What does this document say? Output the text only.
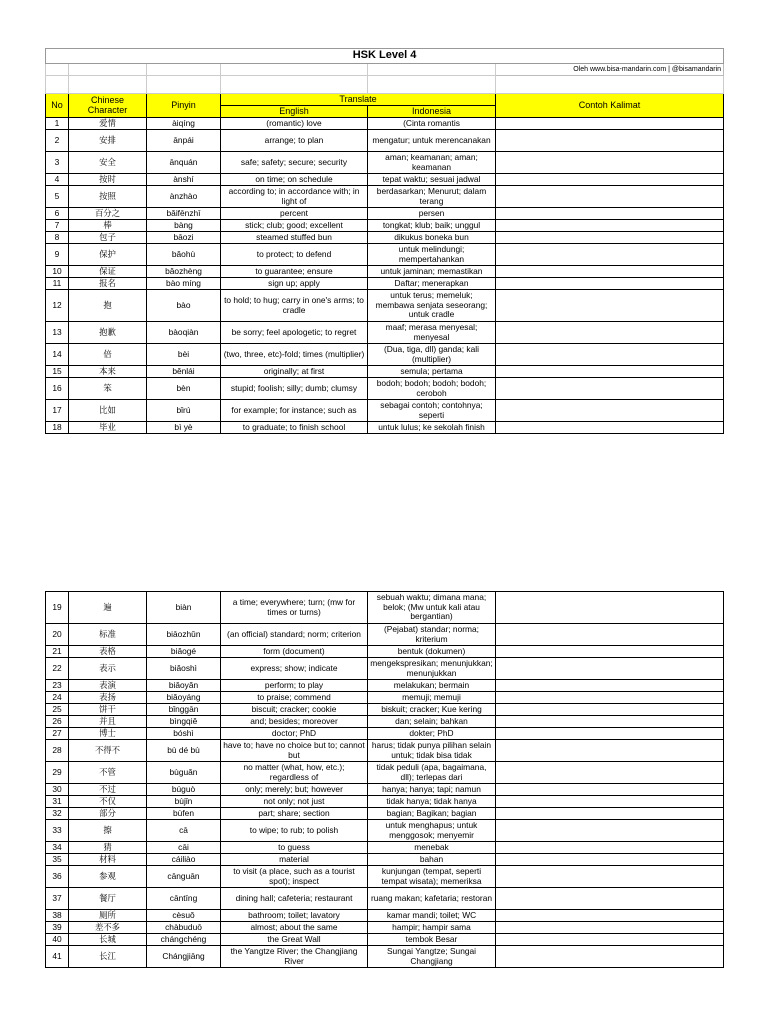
HSK Level 4					
					Oleh www.bisa-mandarin.com | @bisamandarin

No	Chinese Character	Pinyin	Translate		Contoh Kalimat
			English	Indonesia	
1	爱情	àiqíng	(romantic) love	(Cinta romantis	
2	安排	ānpái	arrange; to plan	mengatur; untuk merencanakan	
3	安全	ānquán	safe; safety; secure; security	aman; keamanan; aman; keamanan	
4	按时	ànshí	on time; on schedule	tepat waktu; sesuai jadwal	
5	按照	ànzhào	according to; in accordance with; in light of	berdasarkan; Menurut; dalam terang	
6	百分之	bǎifēnzhī	percent	persen	
7	棒	bàng	stick; club; good; excellent	tongkat; klub; baik; unggul	
8	包子	bāozi	steamed stuffed bun	dikukus boneka bun	
9	保护	bǎohù	to protect; to defend	untuk melindungi; mempertahankan	
10	保证	bǎozhèng	to guarantee; ensure	untuk jaminan; memastikan	
11	报名	bào míng	sign up; apply	Daftar; menerapkan	
12	抱	bào	to hold; to hug; carry in one's arms; to cradle	untuk terus; memeluk; membawa senjata seseorang; untuk cradle	
13	抱歉	bàoqiàn	be sorry; feel apologetic; to regret	maaf; merasa menyesal; menyesal	
14	倍	bèi	(two, three, etc)-fold; times (multiplier)	(Dua, tiga, dll) ganda; kali (multiplier)	
15	本来	běnlái	originally; at first	semula; pertama	
16	笨	bèn	stupid; foolish; silly; dumb; clumsy	bodoh; bodoh; bodoh; bodoh; ceroboh	
17	比如	bǐrú	for example; for instance; such as	sebagai contoh; contohnya; seperti	
18	毕业	bì yè	to graduate; to finish school	untuk lulus; ke sekolah finish	
19	遍	biàn	a time; everywhere; turn; (mw for times or turns)	sebuah waktu; dimana mana; belok; (Mw untuk kali atau bergantian)	
20	标准	biāozhǔn	(an official) standard; norm; criterion	(Pejabat) standar; norma; kriterium	
21	表格	biǎogé	form (document)	bentuk (dokumen)	
22	表示	biǎoshì	express; show; indicate	mengekspresikan; menunjukkan; menunjukkan	
23	表演	biǎoyǎn	perform; to play	melakukan; bermain	
24	表扬	biǎoyáng	to praise; commend	memuji; memuji	
25	饼干	bǐnggān	biscuit; cracker; cookie	biskuit; cracker; Kue kering	
26	并且	bìngqiě	and; besides; moreover	dan; selain; bahkan	
27	博士	bóshì	doctor; PhD	dokter; PhD	
28	不得不	bù dé bù	have to; have no choice but to; cannot but	harus; tidak punya pilihan selain untuk; tidak bisa tidak	
29	不管	bùguǎn	no matter (what, how, etc.); regardless of	tidak peduli (apa, bagaimana, dll); terlepas dari	
30	不过	búguò	only; merely; but; however	hanya; hanya; tapi; namun	
31	不仅	bùjǐn	not only; not just	tidak hanya; tidak hanya	
32	部分	bùfen	part; share; section	bagian; Bagikan; bagian	
33	擦	cā	to wipe; to rub; to polish	untuk menghapus; untuk menggosok; menyemir	
34	猜	cāi	to guess	menebak	
35	材料	cáiliào	material	bahan	
36	参观	cānguān	to visit (a place, such as a tourist spot); inspect	kunjungan (tempat, seperti tempat wisata); memeriksa	
37	餐厅	cāntīng	dining hall; cafeteria; restaurant	ruang makan; kafetaria; restoran	
38	厕所	cèsuǒ	bathroom; toilet; lavatory	kamar mandi; toilet; WC	
39	差不多	chàbuduō	almost; about the same	hampir; hampir sama	
40	长城	chángchéng	the Great Wall	tembok Besar	
41	长江	Chángjiāng	the Yangtze River; the Changjiang River	Sungai Yangtze; Sungai Changjiang	
